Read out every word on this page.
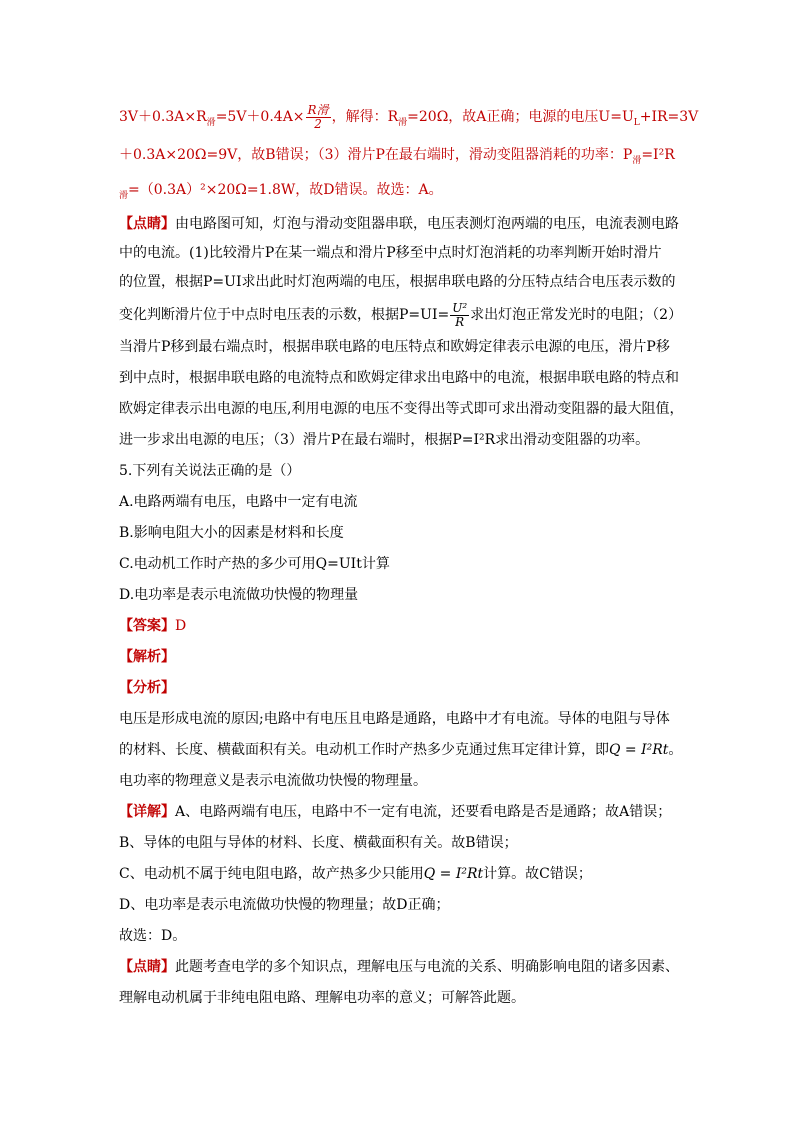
$3V+0.3A\times R_滑=5V+0.4A\times \frac{\text{R滑}}{2}$ ，解得：$R_滑=20\Omega$，故A正确；电源的电压$U=U_L+IR=3V$

＋0.3A×20Ω=9V，故B错误；（3）滑片P在最右端时，滑动变阻器消耗的功率：$P_滑=I^2R$

$_滑$=（0.3A）²×20Ω=1.8W，故D错误。故选：A。

【点睛】由电路图可知，灯泡与滑动变阻器串联，电压表测灯泡两端的电压，电流表测电路

中的电流。(1)比较滑片P在某一端点和滑片P移至中点时灯泡消耗的功率判断开始时滑片

的位置，根据P=UI求出此时灯泡两端的电压，根据串联电路的分压特点结合电压表示数的

变化判断滑片位于中点时电压表的示数，根据$P=UI= \frac{\text{U²}}{R}$ 求出灯泡正常发光时的电阻；（2）

当滑片P移到最右端点时，根据串联电路的电压特点和欧姆定律表示电源的电压，滑片P移

到中点时，根据串联电路的电流特点和欧姆定律求出电路中的电流，根据串联电路的特点和

欧姆定律表示出电源的电压,利用电源的电压不变得出等式即可求出滑动变阻器的最大阻值，

进一步求出电源的电压；（3）滑片P在最右端时，根据P=I²R求出滑动变阻器的功率。

5.下列有关说法正确的是（）

A.电路两端有电压，电路中一定有电流

B.影响电阻大小的因素是材料和长度

C.电动机工作时产热的多少可用Q=UIt计算

D.电功率是表示电流做功快慢的物理量

【答案】D

【解析】

【分析】

电压是形成电流的原因;电路中有电压且电路是通路，电路中才有电流。导体的电阻与导体

的材料、长度、横截面积有关。电动机工作时产热多少克通过焦耳定律计算，即Q = I²Rt。

电功率的物理意义是表示电流做功快慢的物理量。

【详解】A、电路两端有电压，电路中不一定有电流，还要看电路是否是通路；故A错误；

B、导体的电阻与导体的材料、长度、横截面积有关。故B错误；

C、电动机不属于纯电阻电路，故产热多少只能用Q = I²Rt计算。故C错误；

D、电功率是表示电流做功快慢的物理量；故D正确；

故选：D。

【点睛】此题考查电学的多个知识点，理解电压与电流的关系、明确影响电阻的诸多因素、

理解电动机属于非纯电阻电路、理解电功率的意义；可解答此题。
